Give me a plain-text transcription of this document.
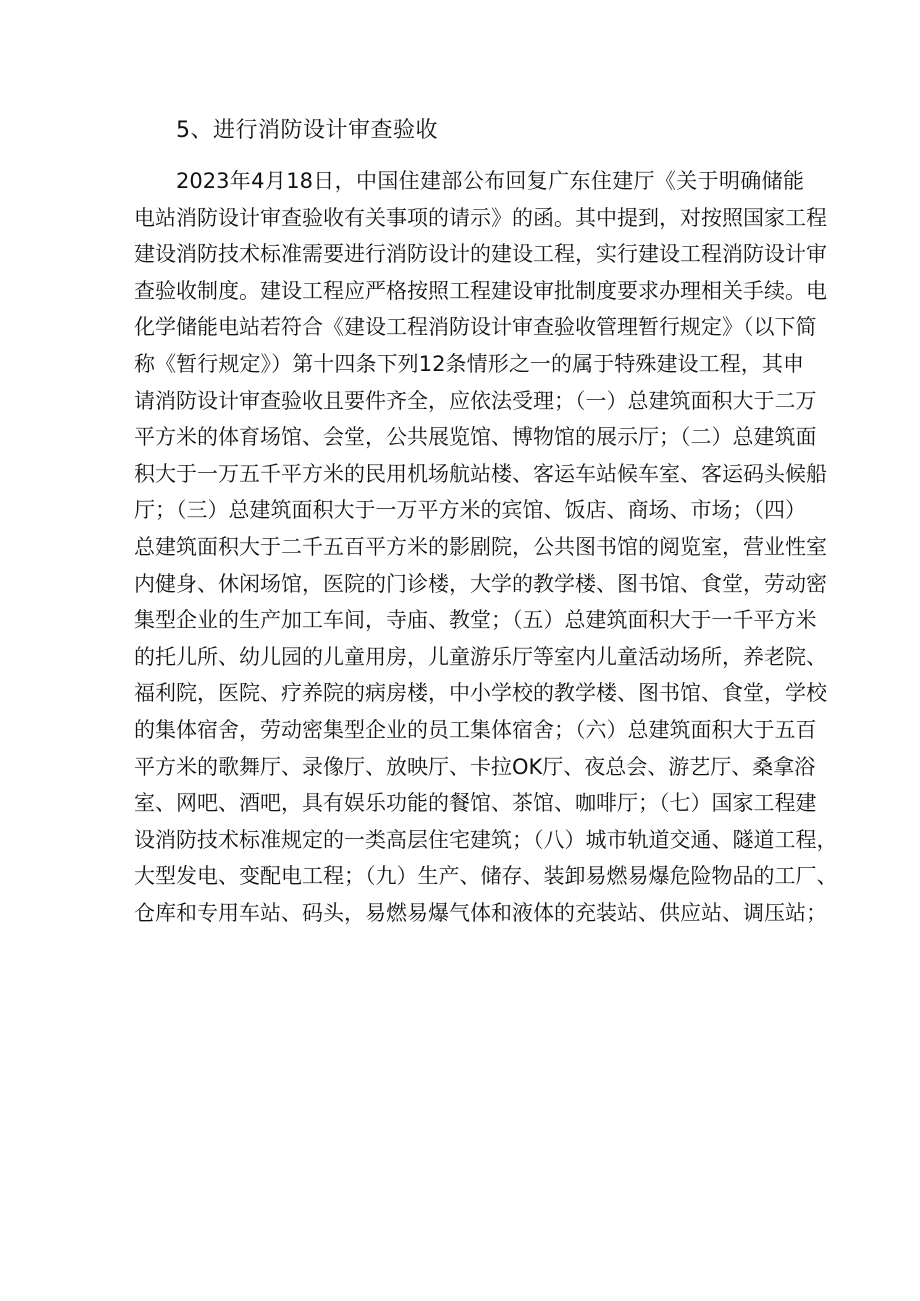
5、进行消防设计审查验收
2023年4月18日，中国住建部公布回复广东住建厅《关于明确储能
电站消防设计审查验收有关事项的请示》的函。其中提到，对按照国家工程
建设消防技术标准需要进行消防设计的建设工程，实行建设工程消防设计审
查验收制度。建设工程应严格按照工程建设审批制度要求办理相关手续。电
化学储能电站若符合《建设工程消防设计审查验收管理暂行规定》（以下简
称《暂行规定》）第十四条下列12条情形之一的属于特殊建设工程，其申
请消防设计审查验收且要件齐全，应依法受理；（一）总建筑面积大于二万
平方米的体育场馆、会堂，公共展览馆、博物馆的展示厅；（二）总建筑面
积大于一万五千平方米的民用机场航站楼、客运车站候车室、客运码头候船
厅；（三）总建筑面积大于一万平方米的宾馆、饭店、商场、市场；（四）
总建筑面积大于二千五百平方米的影剧院，公共图书馆的阅览室，营业性室
内健身、休闲场馆，医院的门诊楼，大学的教学楼、图书馆、食堂，劳动密
集型企业的生产加工车间，寺庙、教堂；（五）总建筑面积大于一千平方米
的托儿所、幼儿园的儿童用房，儿童游乐厅等室内儿童活动场所，养老院、
福利院，医院、疗养院的病房楼，中小学校的教学楼、图书馆、食堂，学校
的集体宿舍，劳动密集型企业的员工集体宿舍；（六）总建筑面积大于五百
平方米的歌舞厅、录像厅、放映厅、卡拉OK厅、夜总会、游艺厅、桑拿浴
室、网吧、酒吧，具有娱乐功能的餐馆、茶馆、咖啡厅；（七）国家工程建
设消防技术标准规定的一类高层住宅建筑；（八）城市轨道交通、隧道工程，
大型发电、变配电工程；（九）生产、储存、装卸易燃易爆危险物品的工厂、
仓库和专用车站、码头，易燃易爆气体和液体的充装站、供应站、调压站；
